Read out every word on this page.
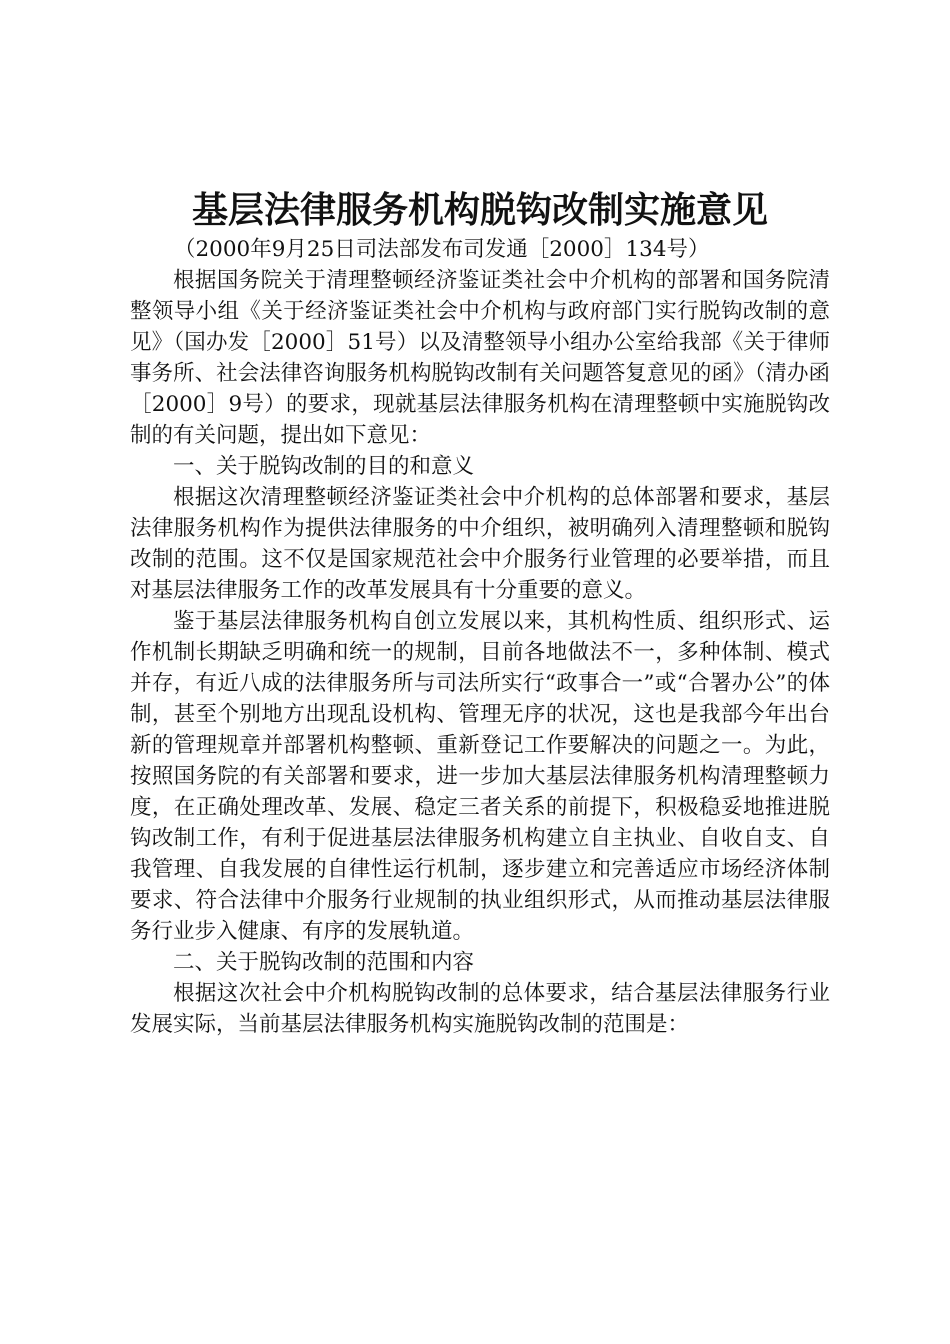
基层法律服务机构脱钩改制实施意见

（2000年9月25日司法部发布司发通［2000］134号）

根据国务院关于清理整顿经济鉴证类社会中介机构的部署和国务院清整领导小组《关于经济鉴证类社会中介机构与政府部门实行脱钩改制的意见》（国办发［2000］51号）以及清整领导小组办公室给我部《关于律师事务所、社会法律咨询服务机构脱钩改制有关问题答复意见的函》（清办函［2000］9号）的要求，现就基层法律服务机构在清理整顿中实施脱钩改制的有关问题，提出如下意见：

一、关于脱钩改制的目的和意义

根据这次清理整顿经济鉴证类社会中介机构的总体部署和要求，基层法律服务机构作为提供法律服务的中介组织，被明确列入清理整顿和脱钩改制的范围。这不仅是国家规范社会中介服务行业管理的必要举措，而且对基层法律服务工作的改革发展具有十分重要的意义。

鉴于基层法律服务机构自创立发展以来，其机构性质、组织形式、运作机制长期缺乏明确和统一的规制，目前各地做法不一，多种体制、模式并存，有近八成的法律服务所与司法所实行“政事合一”或“合署办公”的体制，甚至个别地方出现乱设机构、管理无序的状况，这也是我部今年出台新的管理规章并部署机构整顿、重新登记工作要解决的问题之一。为此，按照国务院的有关部署和要求，进一步加大基层法律服务机构清理整顿力度，在正确处理改革、发展、稳定三者关系的前提下，积极稳妥地推进脱钩改制工作，有利于促进基层法律服务机构建立自主执业、自收自支、自我管理、自我发展的自律性运行机制，逐步建立和完善适应市场经济体制要求、符合法律中介服务行业规制的执业组织形式，从而推动基层法律服务行业步入健康、有序的发展轨道。

二、关于脱钩改制的范围和内容

根据这次社会中介机构脱钩改制的总体要求，结合基层法律服务行业发展实际，当前基层法律服务机构实施脱钩改制的范围是：
